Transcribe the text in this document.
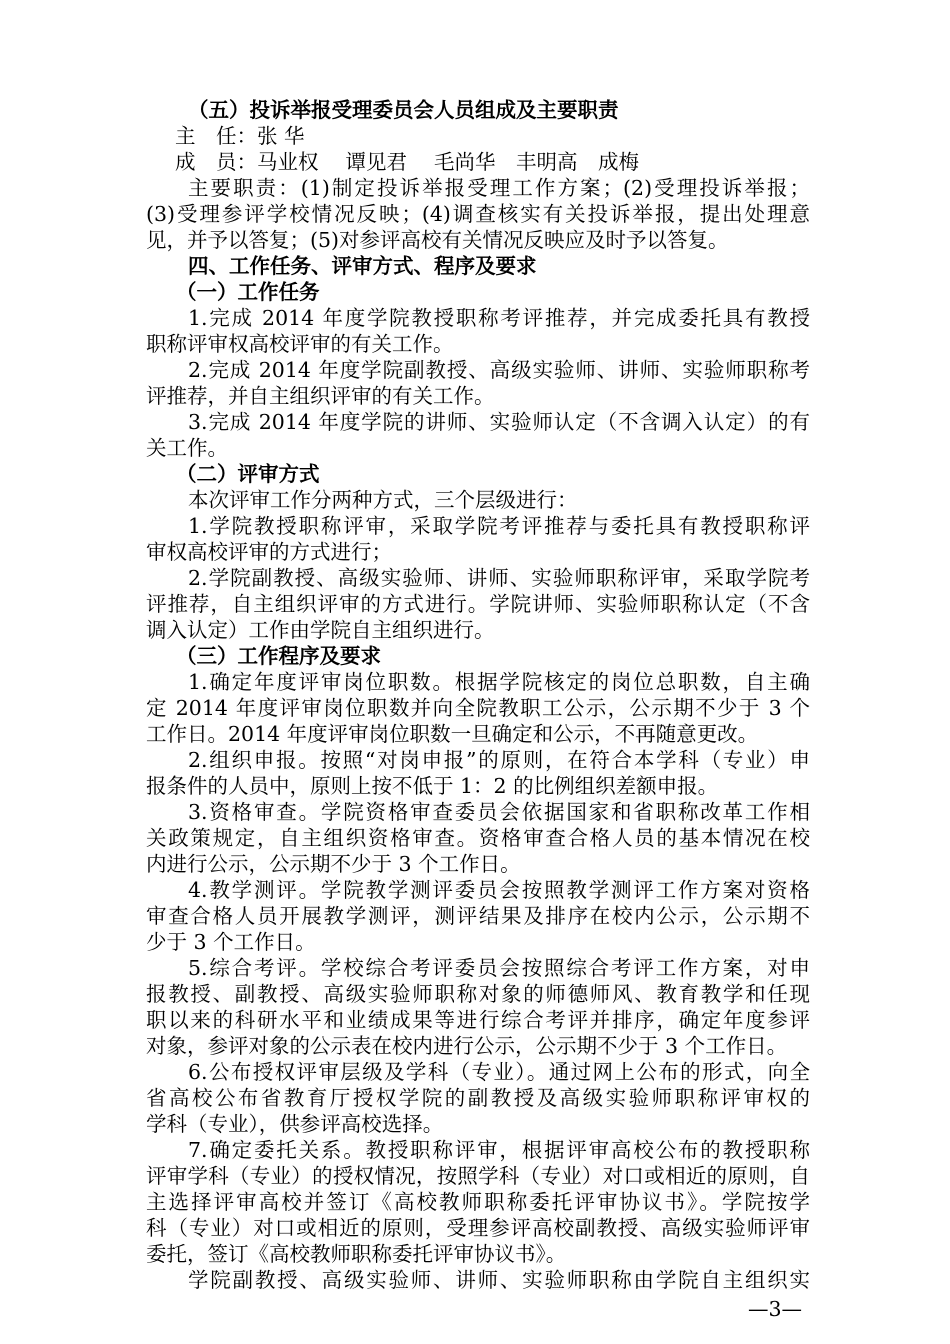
（五）投诉举报受理委员会人员组成及主要职责
主　任：张 华
成　员：马业权　 谭见君　 毛尚华　丰明高　成梅
主要职责：(1)制定投诉举报受理工作方案；(2)受理投诉举报；
(3)受理参评学校情况反映；(4)调查核实有关投诉举报，提出处理意
见，并予以答复；(5)对参评高校有关情况反映应及时予以答复。
四、工作任务、评审方式、程序及要求
（一）工作任务
1.完成 2014 年度学院教授职称考评推荐，并完成委托具有教授
职称评审权高校评审的有关工作。
2.完成 2014 年度学院副教授、高级实验师、讲师、实验师职称考
评推荐，并自主组织评审的有关工作。
3.完成 2014 年度学院的讲师、实验师认定（不含调入认定）的有
关工作。
（二）评审方式
本次评审工作分两种方式，三个层级进行：
1.学院教授职称评审，采取学院考评推荐与委托具有教授职称评
审权高校评审的方式进行；
2.学院副教授、高级实验师、讲师、实验师职称评审，采取学院考
评推荐，自主组织评审的方式进行。学院讲师、实验师职称认定（不含
调入认定）工作由学院自主组织进行。
（三）工作程序及要求
1.确定年度评审岗位职数。根据学院核定的岗位总职数，自主确
定 2014 年度评审岗位职数并向全院教职工公示，公示期不少于 3 个
工作日。2014 年度评审岗位职数一旦确定和公示，不再随意更改。
2.组织申报。按照“对岗申报”的原则，在符合本学科（专业）申
报条件的人员中，原则上按不低于 1：2 的比例组织差额申报。
3.资格审查。学院资格审查委员会依据国家和省职称改革工作相
关政策规定，自主组织资格审查。资格审查合格人员的基本情况在校
内进行公示，公示期不少于 3 个工作日。
4.教学测评。学院教学测评委员会按照教学测评工作方案对资格
审查合格人员开展教学测评，测评结果及排序在校内公示，公示期不
少于 3 个工作日。
5.综合考评。学校综合考评委员会按照综合考评工作方案，对申
报教授、副教授、高级实验师职称对象的师德师风、教育教学和任现
职以来的科研水平和业绩成果等进行综合考评并排序，确定年度参评
对象，参评对象的公示表在校内进行公示，公示期不少于 3 个工作日。
6.公布授权评审层级及学科（专业）。通过网上公布的形式，向全
省高校公布省教育厅授权学院的副教授及高级实验师职称评审权的
学科（专业），供参评高校选择。
7.确定委托关系。教授职称评审，根据评审高校公布的教授职称
评审学科（专业）的授权情况，按照学科（专业）对口或相近的原则，自
主选择评审高校并签订《高校教师职称委托评审协议书》。学院按学
科（专业）对口或相近的原则，受理参评高校副教授、高级实验师评审
委托，签订《高校教师职称委托评审协议书》。
学院副教授、高级实验师、讲师、实验师职称由学院自主组织实
—3—
